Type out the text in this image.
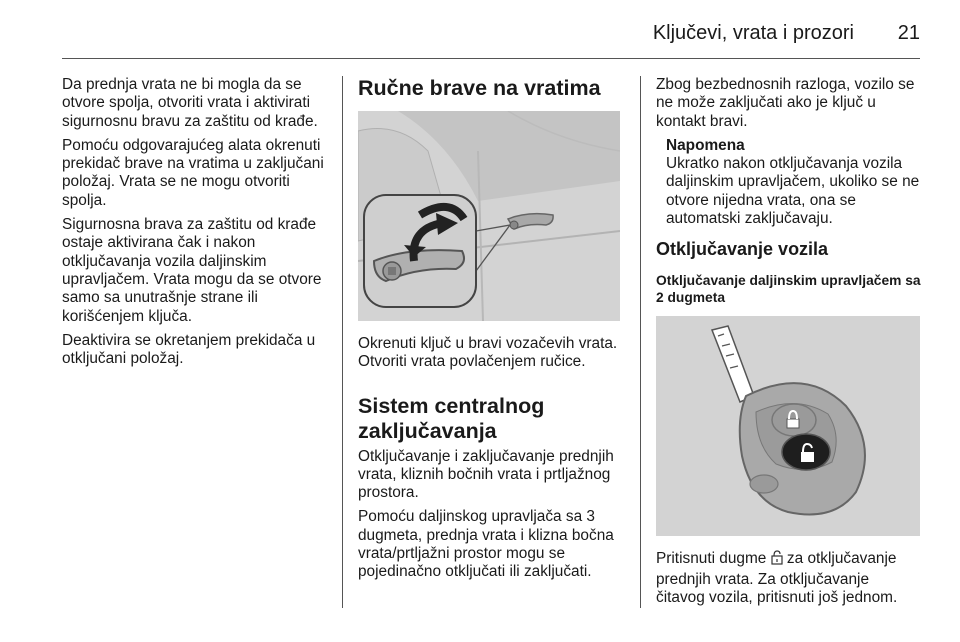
Ključevi, vrata i prozori 21

Da prednja vrata ne bi mogla da se otvore spolja, otvoriti vrata i aktivirati sigurnosnu bravu za zaštitu od krađe.

Pomoću odgovarajućeg alata okrenuti prekidač brave na vratima u zaključani položaj. Vrata se ne mogu otvoriti spolja.

Sigurnosna brava za zaštitu od krađe ostaje aktivirana čak i nakon otključavanja vozila daljinskim upravljačem. Vrata mogu da se otvore samo sa unutrašnje strane ili korišćenjem ključa.

Deaktivira se okretanjem prekidača u otključani položaj.

Ručne brave na vratima

Okrenuti ključ u bravi vozačevih vrata. Otvoriti vrata povlačenjem ručice.

Sistem centralnog zaključavanja

Otključavanje i zaključavanje prednjih vrata, kliznih bočnih vrata i prtljažnog prostora.

Pomoću daljinskog upravljača sa 3 dugmeta, prednja vrata i klizna bočna vrata/prtljažni prostor mogu se pojedinačno otključati ili zaključati.

Zbog bezbednosnih razloga, vozilo se ne može zaključati ako je ključ u kontakt bravi.

Napomena
Ukratko nakon otključavanja vozila daljinskim upravljačem, ukoliko se ne otvore nijedna vrata, ona se automatski zaključavaju.
Otključavanje vozila
Otključavanje daljinskim upravljačem sa 2 dugmeta

Pritisnuti dugme za otključavanje prednjih vrata. Za otključavanje čitavog vozila, pritisnuti još jednom.
